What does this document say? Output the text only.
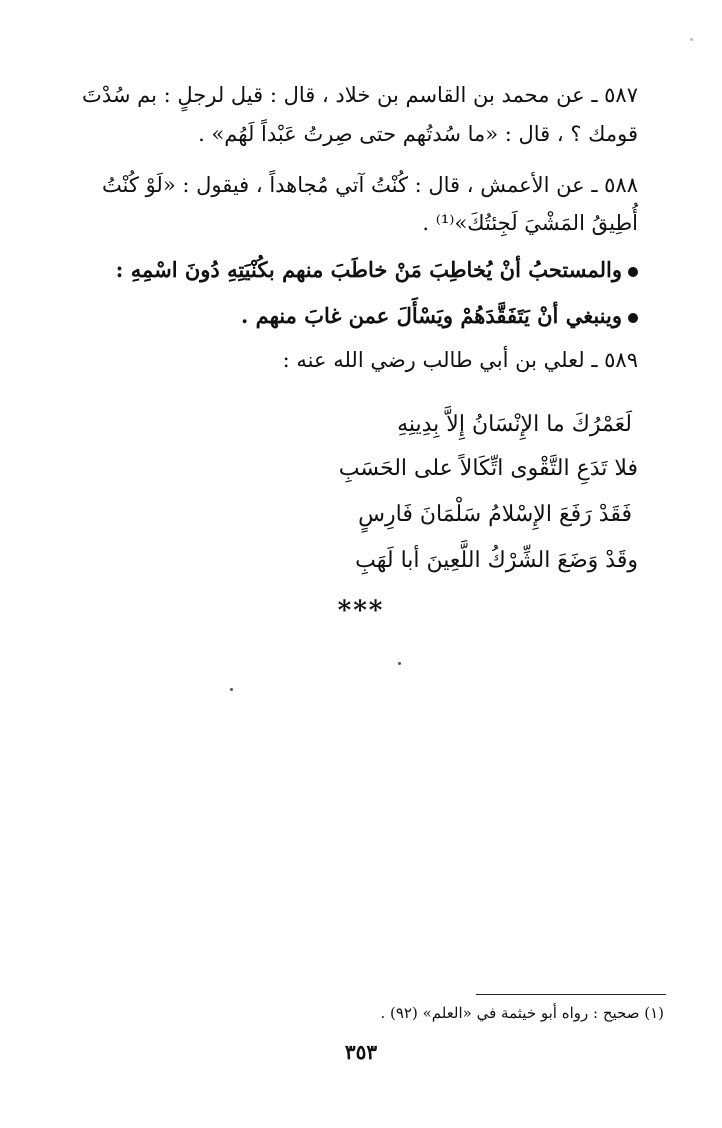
٥٨٧ ـ عن محمد بن القاسم بن خلاد ، قال : قيل لرجلٍ : بم سُدْتَ
قومك ؟ ، قال : «ما سُدتُهم حتى صِرتُ عَبْداً لَهُم» .
٥٨٨ ـ عن الأعمش ، قال : كُنْتُ آتي مُجاهداً ، فيقول : «لَوْ كُنْتُ
أُطِيقُ المَشْيَ لَجِئتُكَ»⁽¹⁾ .
والمستحبُ أنْ يُخاطِبَ مَنْ خاطَبَ منهم بكُنْيَتِهِ دُونَ اسْمِهِ :
وينبغي أنْ يَتَفَقَّدَهُمْ ويَسْأَلَ عمن غابَ منهم .
٥٨٩ ـ لعلي بن أبي طالب رضي الله عنه :
لَعَمْرُكَ ما الإِنْسَانُ إِلاَّ بِدِينِهِ
فلا تَدَعِ التَّقْوى اتِّكَالاً على الحَسَبِ
فَقَدْ رَفَعَ الإِسْلامُ سَلْمَانَ فَارِسٍ
وقَدْ وَضَعَ الشِّرْكُ اللَّعِينَ أبا لَهَبِ
***
(١) صحيح : رواه أبو خيثمة في «العلم» (٩٢) .
٣٥٣
